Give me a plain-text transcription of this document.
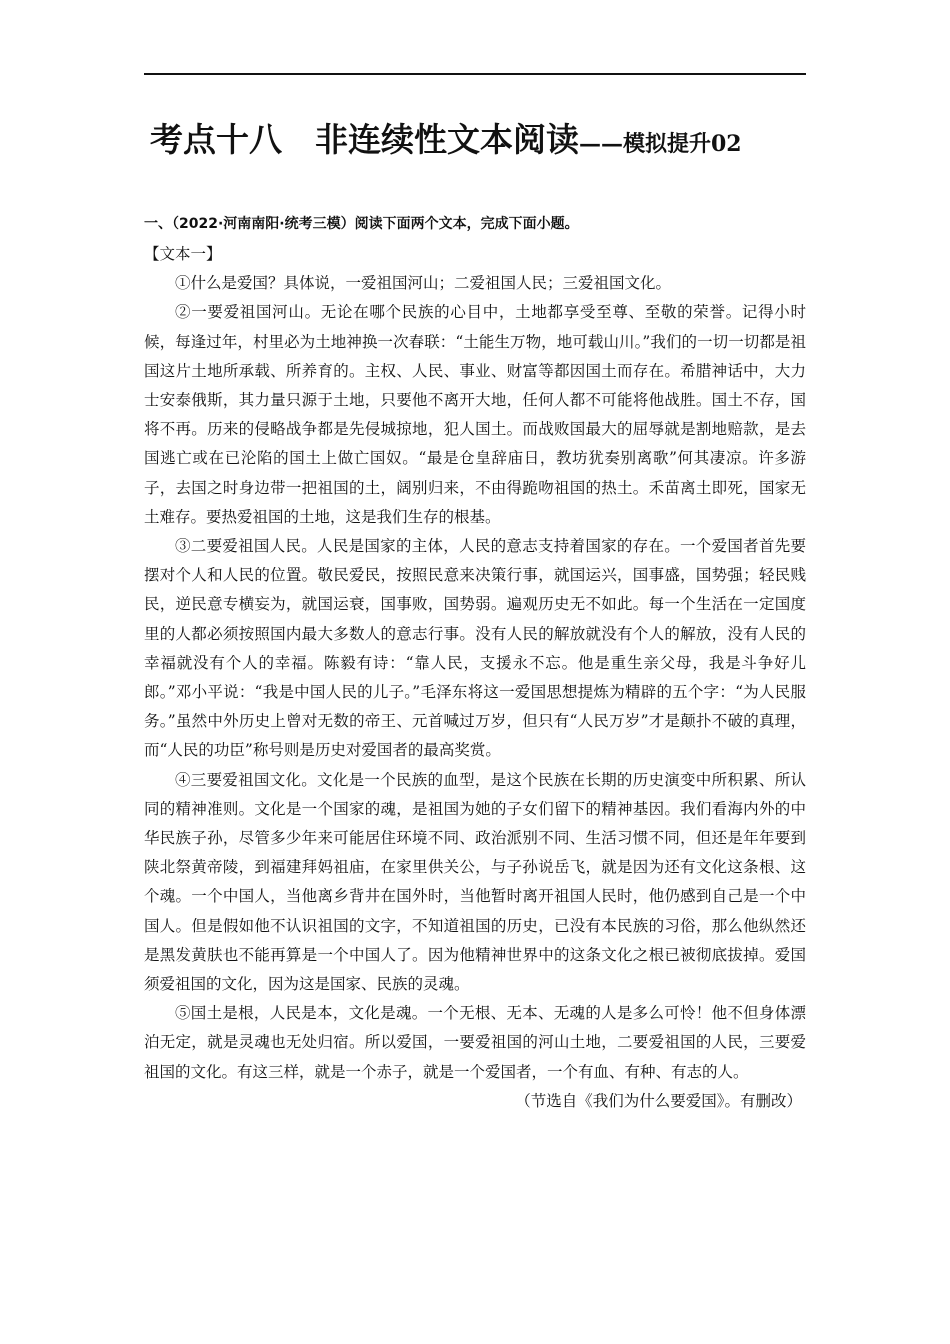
考点十八　非连续性文本阅读——模拟提升02
一、（2022·河南南阳·统考三模）阅读下面两个文本，完成下面小题。

【文本一】

①什么是爱国？具体说，一爱祖国河山；二爱祖国人民；三爱祖国文化。

②一要爱祖国河山。无论在哪个民族的心目中，土地都享受至尊、至敬的荣誉。记得小时候，每逢过年，村里必为土地神换一次春联：“土能生万物，地可载山川。”我们的一切一切都是祖国这片土地所承载、所养育的。主权、人民、事业、财富等都因国土而存在。希腊神话中，大力士安泰俄斯，其力量只源于土地，只要他不离开大地，任何人都不可能将他战胜。国土不存，国将不再。历来的侵略战争都是先侵城掠地，犯人国土。而战败国最大的屈辱就是割地赔款，是去国逃亡或在已沦陷的国土上做亡国奴。“最是仓皇辞庙日，教坊犹奏别离歌”何其凄凉。许多游子，去国之时身边带一把祖国的土，阔别归来，不由得跪吻祖国的热土。禾苗离土即死，国家无土难存。要热爱祖国的土地，这是我们生存的根基。

③二要爱祖国人民。人民是国家的主体，人民的意志支持着国家的存在。一个爱国者首先要摆对个人和人民的位置。敬民爱民，按照民意来决策行事，就国运兴，国事盛，国势强；轻民贱民，逆民意专横妄为，就国运衰，国事败，国势弱。遍观历史无不如此。每一个生活在一定国度里的人都必须按照国内最大多数人的意志行事。没有人民的解放就没有个人的解放，没有人民的幸福就没有个人的幸福。陈毅有诗：“靠人民，支援永不忘。他是重生亲父母，我是斗争好儿郎。”邓小平说：“我是中国人民的儿子。”毛泽东将这一爱国思想提炼为精辟的五个字：“为人民服务。”虽然中外历史上曾对无数的帝王、元首喊过万岁，但只有“人民万岁”才是颠扑不破的真理，而“人民的功臣”称号则是历史对爱国者的最高奖赏。

④三要爱祖国文化。文化是一个民族的血型，是这个民族在长期的历史演变中所积累、所认同的精神准则。文化是一个国家的魂，是祖国为她的子女们留下的精神基因。我们看海内外的中华民族子孙，尽管多少年来可能居住环境不同、政治派别不同、生活习惯不同，但还是年年要到陕北祭黄帝陵，到福建拜妈祖庙，在家里供关公，与子孙说岳飞，就是因为还有文化这条根、这个魂。一个中国人，当他离乡背井在国外时，当他暂时离开祖国人民时，他仍感到自己是一个中国人。但是假如他不认识祖国的文字，不知道祖国的历史，已没有本民族的习俗，那么他纵然还是黑发黄肤也不能再算是一个中国人了。因为他精神世界中的这条文化之根已被彻底拔掉。爱国须爱祖国的文化，因为这是国家、民族的灵魂。

⑤国土是根，人民是本，文化是魂。一个无根、无本、无魂的人是多么可怜！他不但身体漂泊无定，就是灵魂也无处归宿。所以爱国，一要爱祖国的河山土地，二要爱祖国的人民，三要爱祖国的文化。有这三样，就是一个赤子，就是一个爱国者，一个有血、有种、有志的人。

（节选自《我们为什么要爱国》。有删改）
